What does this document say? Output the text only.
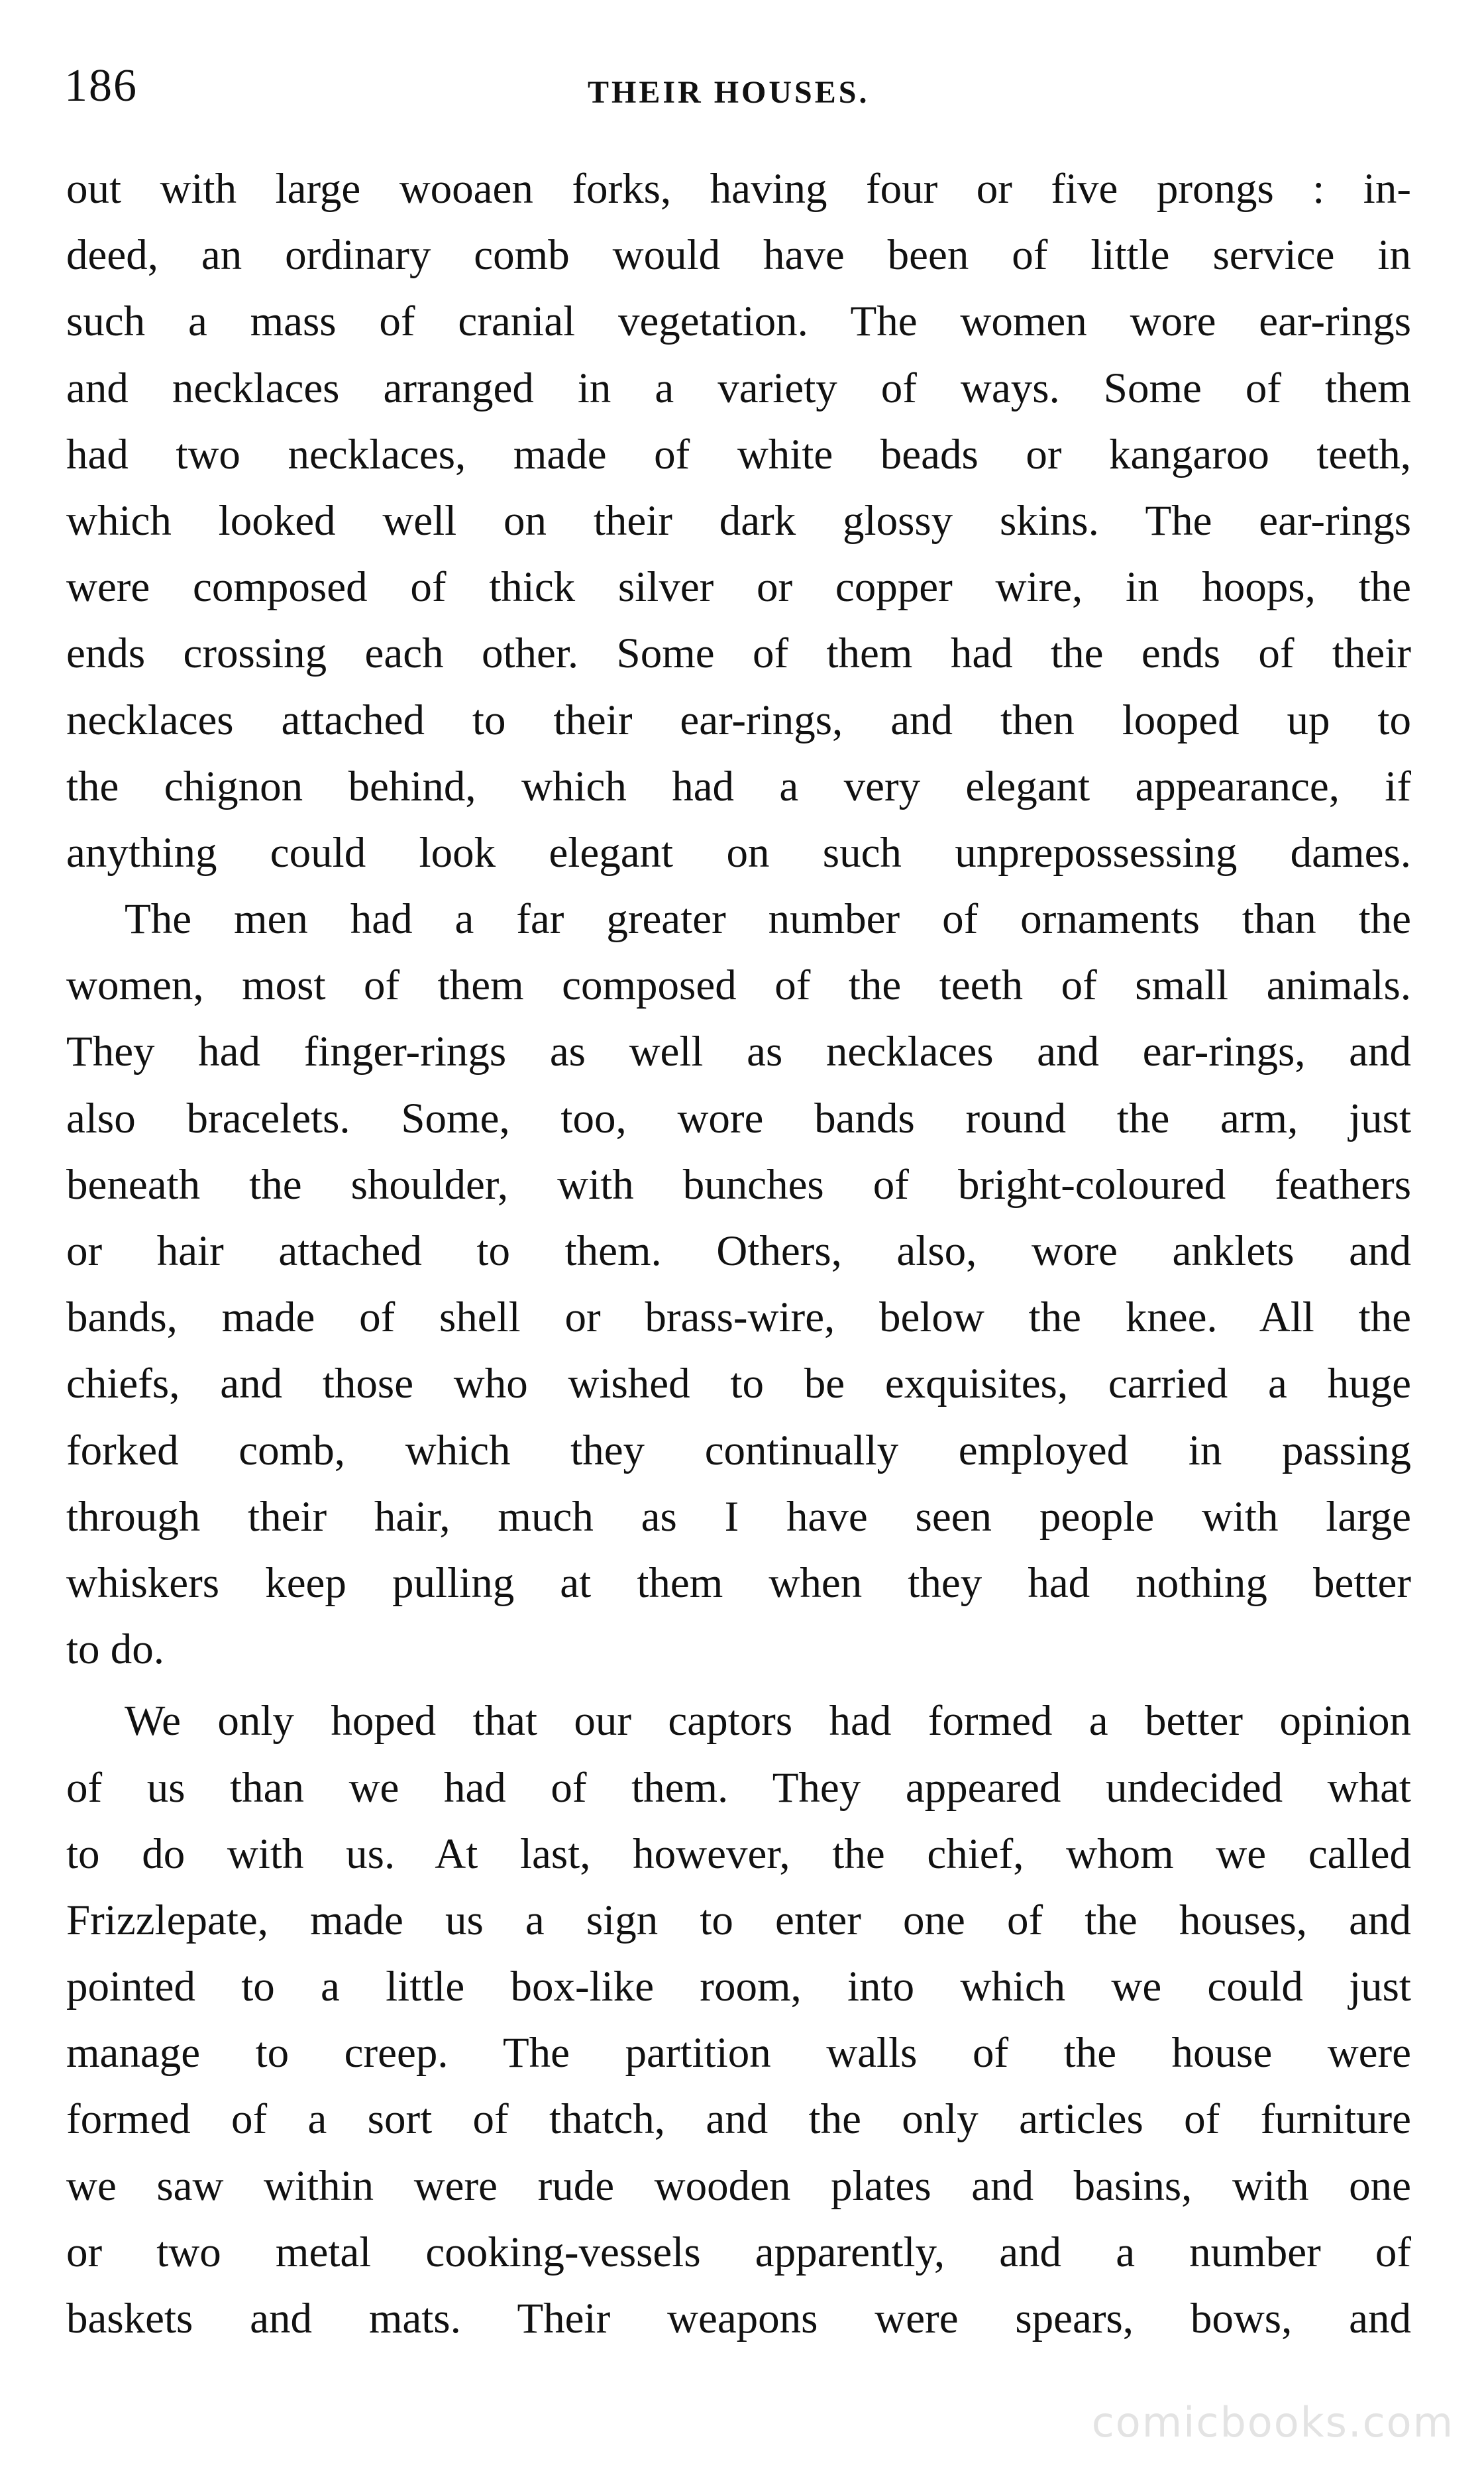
186	THEIR HOUSES.
out with large wooaen forks, having four or five prongs : in-
deed, an ordinary comb would have been of little service in
such a mass of cranial vegetation. The women wore ear-rings
and necklaces arranged in a variety of ways. Some of them
had two necklaces, made of white beads or kangaroo teeth,
which looked well on their dark glossy skins. The ear-rings
were composed of thick silver or copper wire, in hoops, the
ends crossing each other. Some of them had the ends of their
necklaces attached to their ear-rings, and then looped up to
the chignon behind, which had a very elegant appearance, if
anything could look elegant on such unprepossessing dames.
The men had a far greater number of ornaments than the
women, most of them composed of the teeth of small animals.
They had finger-rings as well as necklaces and ear-rings, and
also bracelets. Some, too, wore bands round the arm, just
beneath the shoulder, with bunches of bright-coloured feathers
or hair attached to them. Others, also, wore anklets and
bands, made of shell or brass-wire, below the knee. All the
chiefs, and those who wished to be exquisites, carried a huge
forked comb, which they continually employed in passing
through their hair, much as I have seen people with large
whiskers keep pulling at them when they had nothing better
to do.
We only hoped that our captors had formed a better opinion
of us than we had of them. They appeared undecided what
to do with us. At last, however, the chief, whom we called
Frizzlepate, made us a sign to enter one of the houses, and
pointed to a little box-like room, into which we could just
manage to creep. The partition walls of the house were
formed of a sort of thatch, and the only articles of furniture
we saw within were rude wooden plates and basins, with one
or two metal cooking-vessels apparently, and a number of
baskets and mats. Their weapons were spears, bows, and
comicbooks.com
